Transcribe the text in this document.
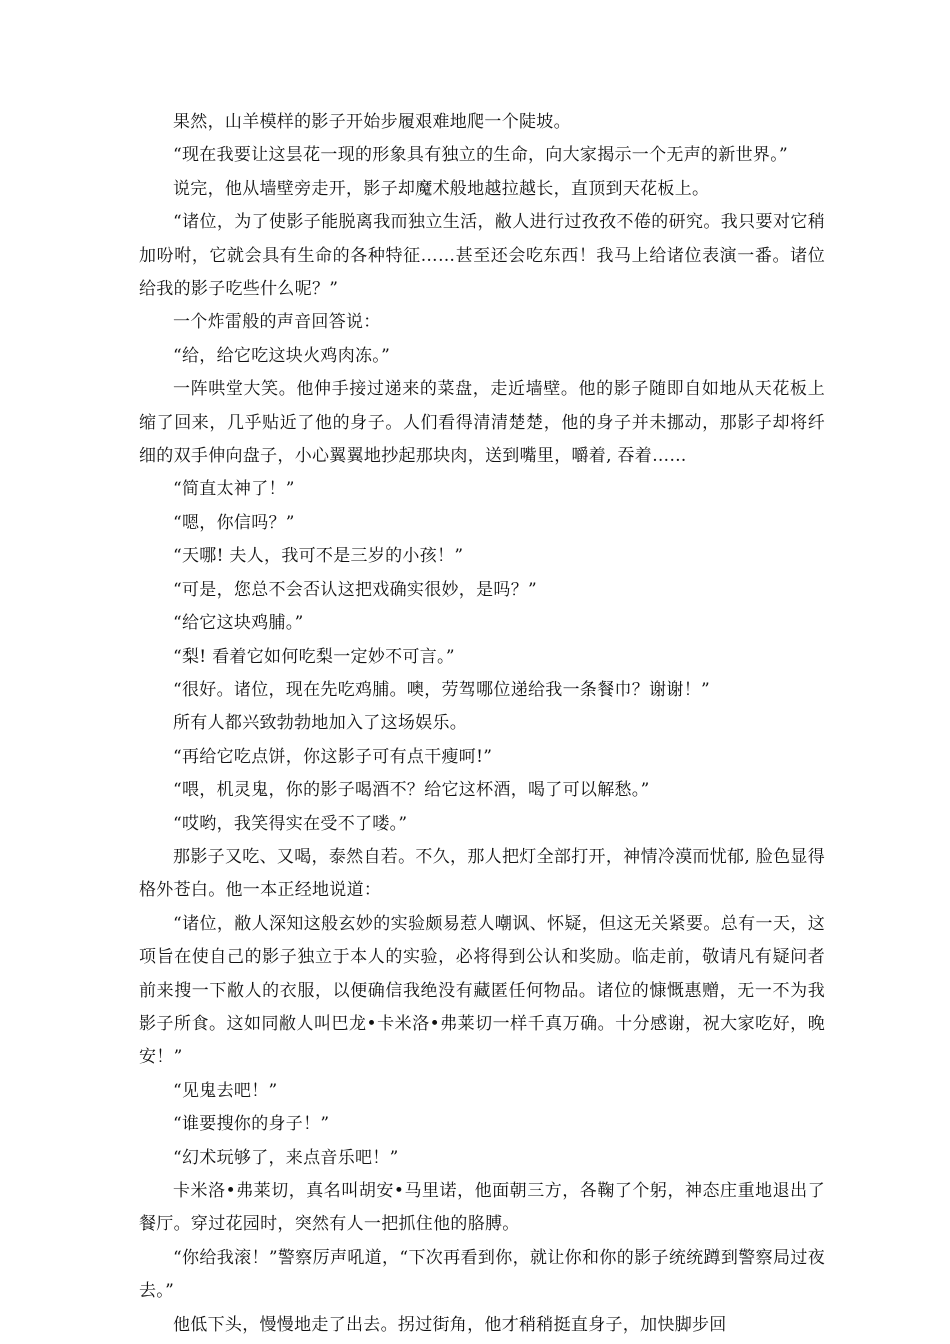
果然，山羊模样的影子开始步履艰难地爬一个陡坡。

“现在我要让这昙花一现的形象具有独立的生命，向大家揭示一个无声的新世界。”

说完，他从墙壁旁走开，影子却魔术般地越拉越长，直顶到天花板上。

“诸位，为了使影子能脱离我而独立生活，敝人进行过孜孜不倦的研究。我只要对它稍加吩咐，它就会具有生命的各种特征……甚至还会吃东西！我马上给诸位表演一番。诸位给我的影子吃些什么呢？”

一个炸雷般的声音回答说：

“给，给它吃这块火鸡肉冻。”

一阵哄堂大笑。他伸手接过递来的菜盘，走近墙壁。他的影子随即自如地从天花板上缩了回来，几乎贴近了他的身子。人们看得清清楚楚，他的身子并未挪动，那影子却将纤细的双手伸向盘子，小心翼翼地抄起那块肉，送到嘴里，嚼着, 吞着……

“简直太神了！”

“嗯，你信吗？”

“天哪! 夫人，我可不是三岁的小孩！”

“可是，您总不会否认这把戏确实很妙，是吗？”

“给它这块鸡脯。”

“梨! 看着它如何吃梨一定妙不可言。”

“很好。诸位，现在先吃鸡脯。噢，劳驾哪位递给我一条餐巾？谢谢！”

所有人都兴致勃勃地加入了这场娱乐。

“再给它吃点饼，你这影子可有点干瘦呵!”

“喂，机灵鬼，你的影子喝酒不？给它这杯酒，喝了可以解愁。”

“哎哟，我笑得实在受不了喽。”

那影子又吃、又喝，泰然自若。不久，那人把灯全部打开，神情冷漠而忧郁, 脸色显得格外苍白。他一本正经地说道：

“诸位，敝人深知这般玄妙的实验颇易惹人嘲讽、怀疑，但这无关紧要。总有一天，这项旨在使自己的影子独立于本人的实验，必将得到公认和奖励。临走前，敬请凡有疑问者前来搜一下敝人的衣服，以便确信我绝没有藏匿任何物品。诸位的慷慨惠赠，无一不为我影子所食。这如同敝人叫巴龙•卡米洛•弗莱切一样千真万确。十分感谢，祝大家吃好，晚安！”

“见鬼去吧！”

“谁要搜你的身子！”

“幻术玩够了，来点音乐吧！”

卡米洛•弗莱切，真名叫胡安•马里诺，他面朝三方，各鞠了个躬，神态庄重地退出了餐厅。穿过花园时，突然有人一把抓住他的胳膊。

“你给我滚！”警察厉声吼道，“下次再看到你，就让你和你的影子统统蹲到警察局过夜去。”

他低下头，慢慢地走了出去。拐过街角，他才稍稍挺直身子，加快脚步回
